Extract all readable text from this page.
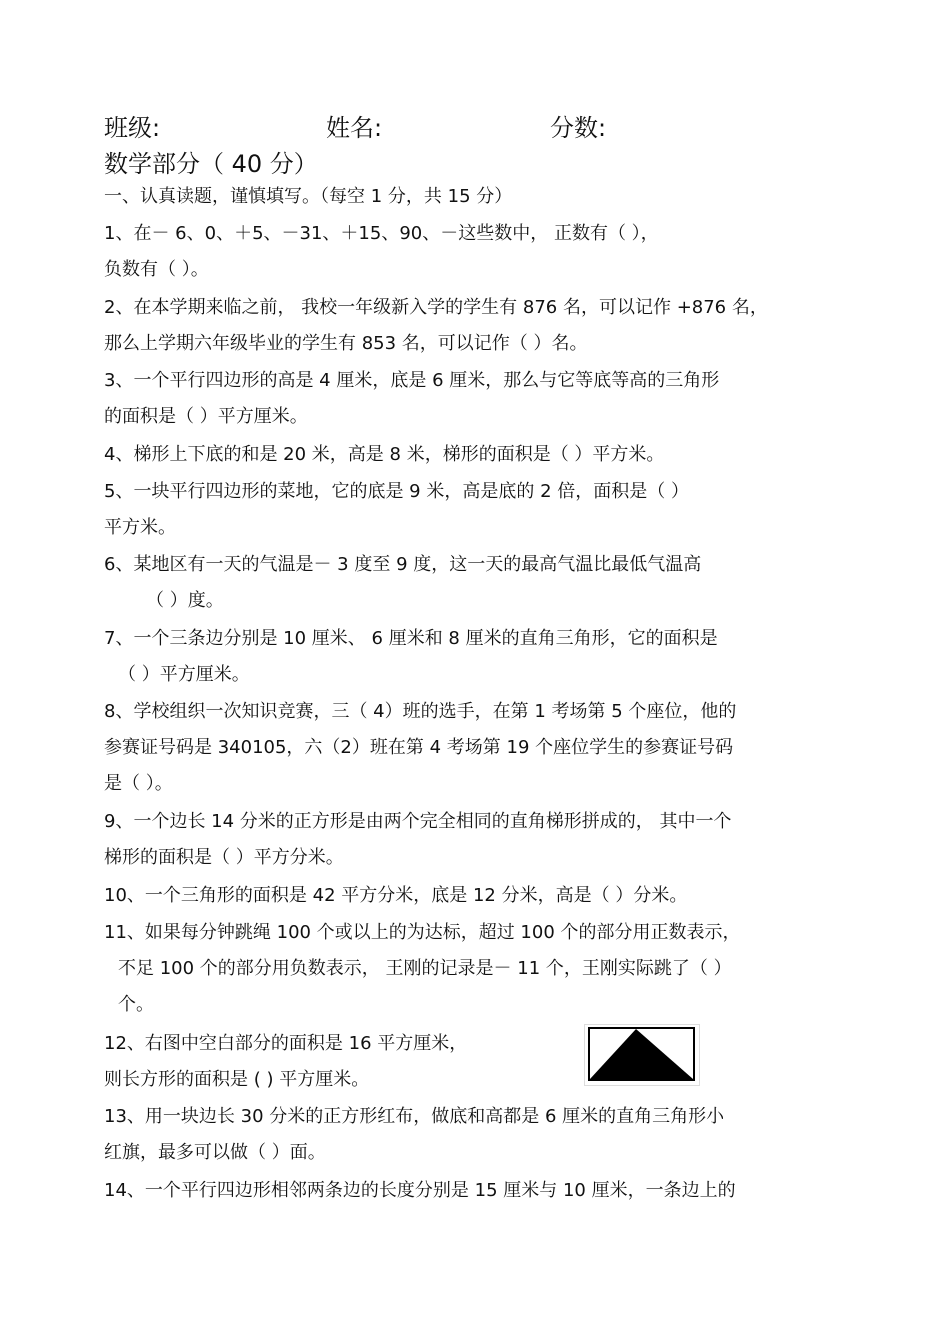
班级:	姓名:	分数:
数学部分（ 40 分）
一、认真读题，谨慎填写。（每空 1 分，共 15 分）
1、在－ 6、0、＋5、－31、＋15、90、－这些数中， 正数有（ ），
负数有（ ）。
2、在本学期来临之前， 我校一年级新入学的学生有 876 名，可以记作 +876 名，
那么上学期六年级毕业的学生有 853 名，可以记作（ ）名。
3、一个平行四边形的高是 4 厘米，底是 6 厘米，那么与它等底等高的三角形
的面积是（ ）平方厘米。
4、梯形上下底的和是 20 米，高是 8 米，梯形的面积是（ ）平方米。
5、一块平行四边形的菜地，它的底是 9 米，高是底的 2 倍，面积是（ ）
平方米。
6、某地区有一天的气温是－ 3 度至 9 度，这一天的最高气温比最低气温高
（ ）度。
7、一个三条边分别是 10 厘米、 6 厘米和 8 厘米的直角三角形，它的面积是
（ ）平方厘米。
8、学校组织一次知识竞赛，三（ 4）班的选手，在第 1 考场第 5 个座位，他的
参赛证号码是 340105，六（2）班在第 4 考场第 19 个座位学生的参赛证号码
是（ ）。
9、一个边长 14 分米的正方形是由两个完全相同的直角梯形拼成的， 其中一个
梯形的面积是（ ）平方分米。
10、一个三角形的面积是 42 平方分米，底是 12 分米，高是（ ）分米。
11、如果每分钟跳绳 100 个或以上的为达标，超过 100 个的部分用正数表示，
不足 100 个的部分用负数表示， 王刚的记录是－ 11 个，王刚实际跳了（ ）
个。
12、右图中空白部分的面积是 16 平方厘米，
则长方形的面积是 ( ) 平方厘米。
13、用一块边长 30 分米的正方形红布，做底和高都是 6 厘米的直角三角形小
红旗，最多可以做（ ）面。
14、一个平行四边形相邻两条边的长度分别是 15 厘米与 10 厘米，一条边上的
